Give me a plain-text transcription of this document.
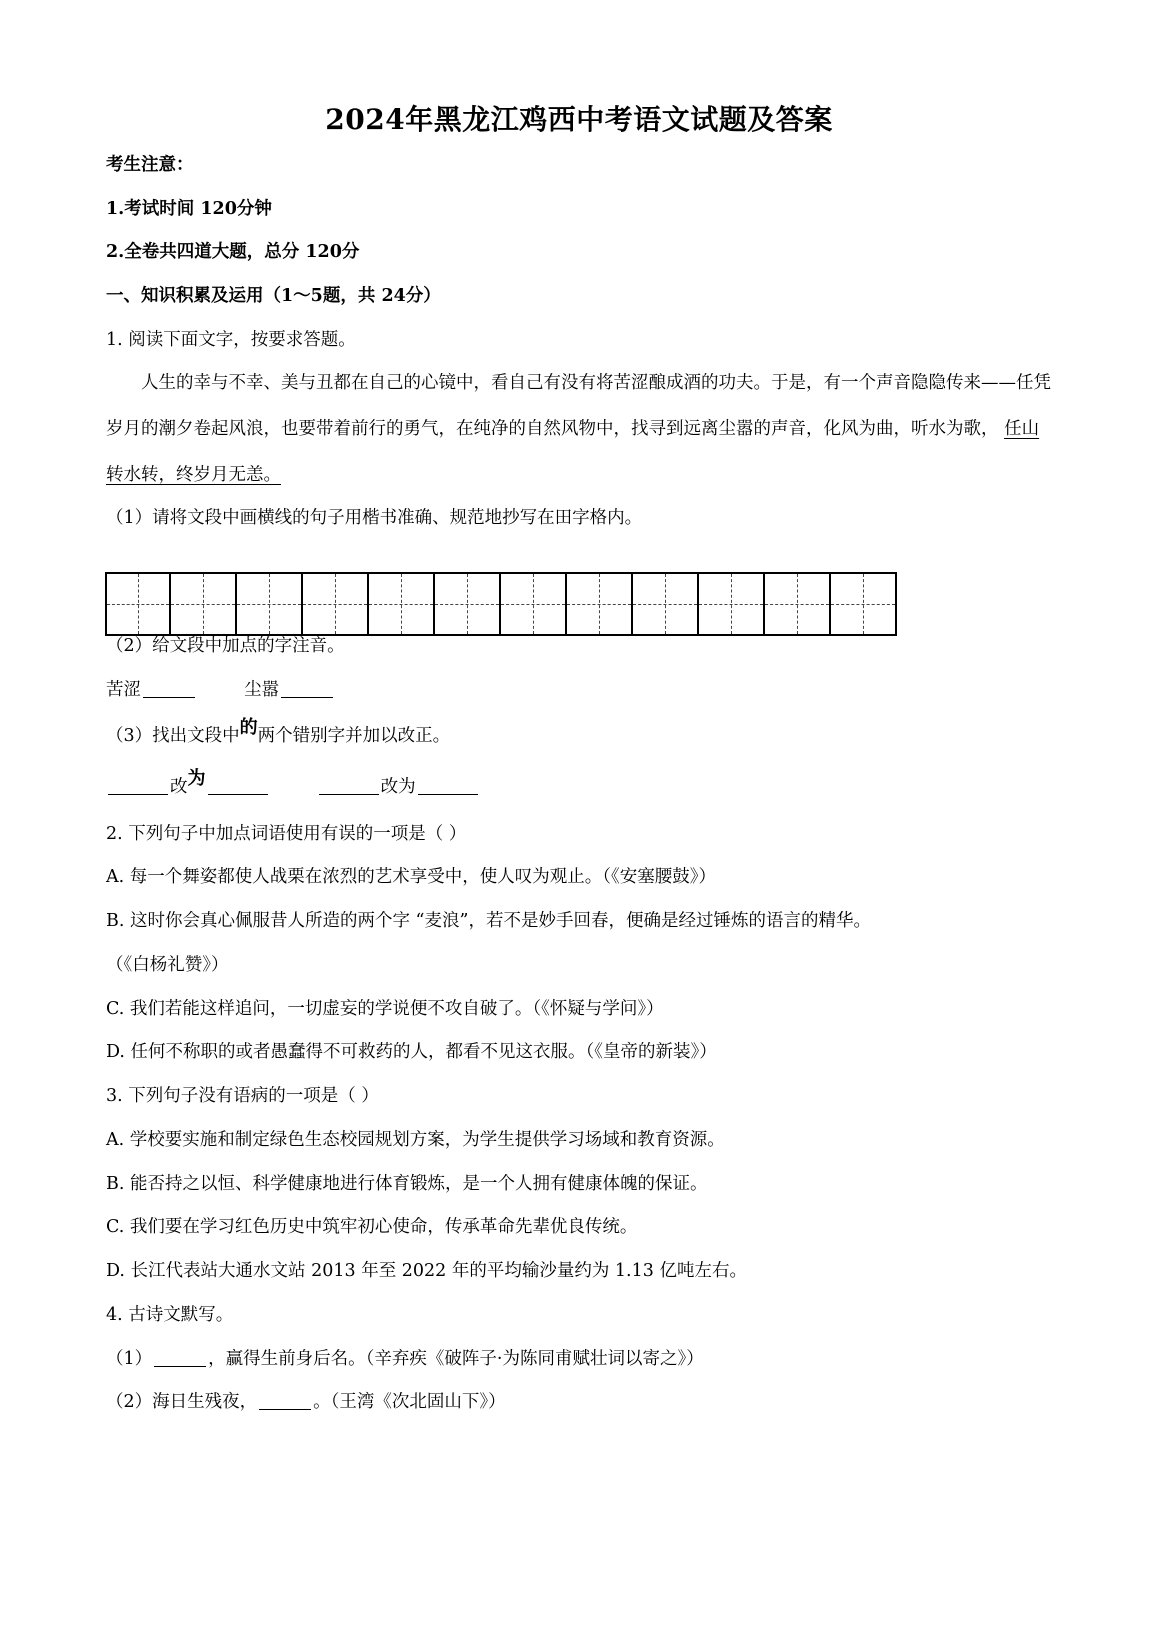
2024年黑龙江鸡西中考语文试题及答案
考生注意：
1.考试时间 120分钟
2.全卷共四道大题，总分 120分
一、知识积累及运用（1～5题，共 24分）
1. 阅读下面文字，按要求答题。
人生的幸与不幸、美与丑都在自己的心镜中，看自己有没有将苦涩酿成酒的功夫。于是，有一个声音隐隐传来——任凭岁月的潮夕卷起风浪，也要带着前行的勇气，在纯净的自然风物中，找寻到远离尘嚣的声音，化风为曲，听水为歌， 任山转水转，终岁月无恙。
（1）请将文段中画横线的句子用楷书准确、规范地抄写在田字格内。
（2）给文段中加点的字注音。
苦涩	尘嚣
（3）找出文段中的两个错别字并加以改正。
改为	改为
2. 下列句子中加点词语使用有误的一项是（ ）
A. 每一个舞姿都使人战栗在浓烈的艺术享受中，使人叹为观止。（《安塞腰鼓》）
B. 这时你会真心佩服昔人所造的两个字 “麦浪”，若不是妙手回春，便确是经过锤炼的语言的精华。
（《白杨礼赞》）
C. 我们若能这样追问，一切虚妄的学说便不攻自破了。（《怀疑与学问》）
D. 任何不称职的或者愚蠢得不可救药的人，都看不见这衣服。（《皇帝的新装》）
3. 下列句子没有语病的一项是（ ）
A. 学校要实施和制定绿色生态校园规划方案，为学生提供学习场域和教育资源。
B. 能否持之以恒、科学健康地进行体育锻炼，是一个人拥有健康体魄的保证。
C. 我们要在学习红色历史中筑牢初心使命，传承革命先辈优良传统。
D. 长江代表站大通水文站 2013 年至 2022 年的平均输沙量约为 1.13 亿吨左右。
4. 古诗文默写。
（1）	，赢得生前身后名。（辛弃疾《破阵子·为陈同甫赋壮词以寄之》）
（2）海日生残夜，	。（王湾《次北固山下》）
